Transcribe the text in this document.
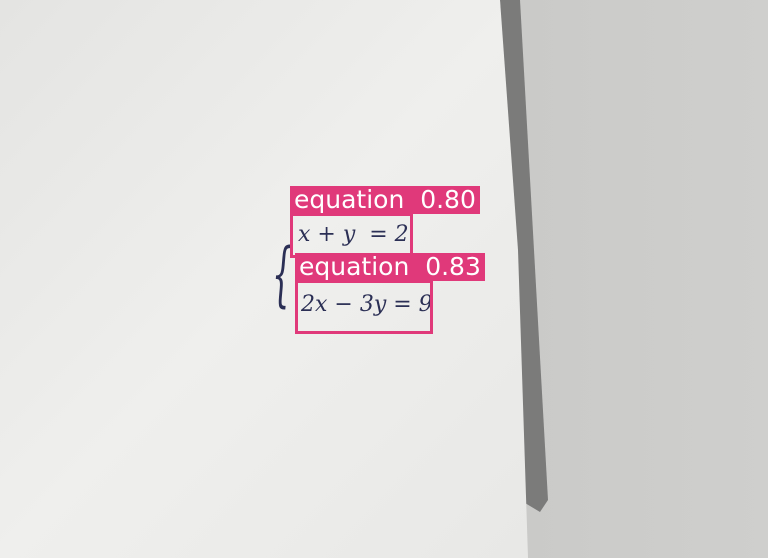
{ x + y  = 2
2x − 3y = 9
equation  0.80
equation  0.83
